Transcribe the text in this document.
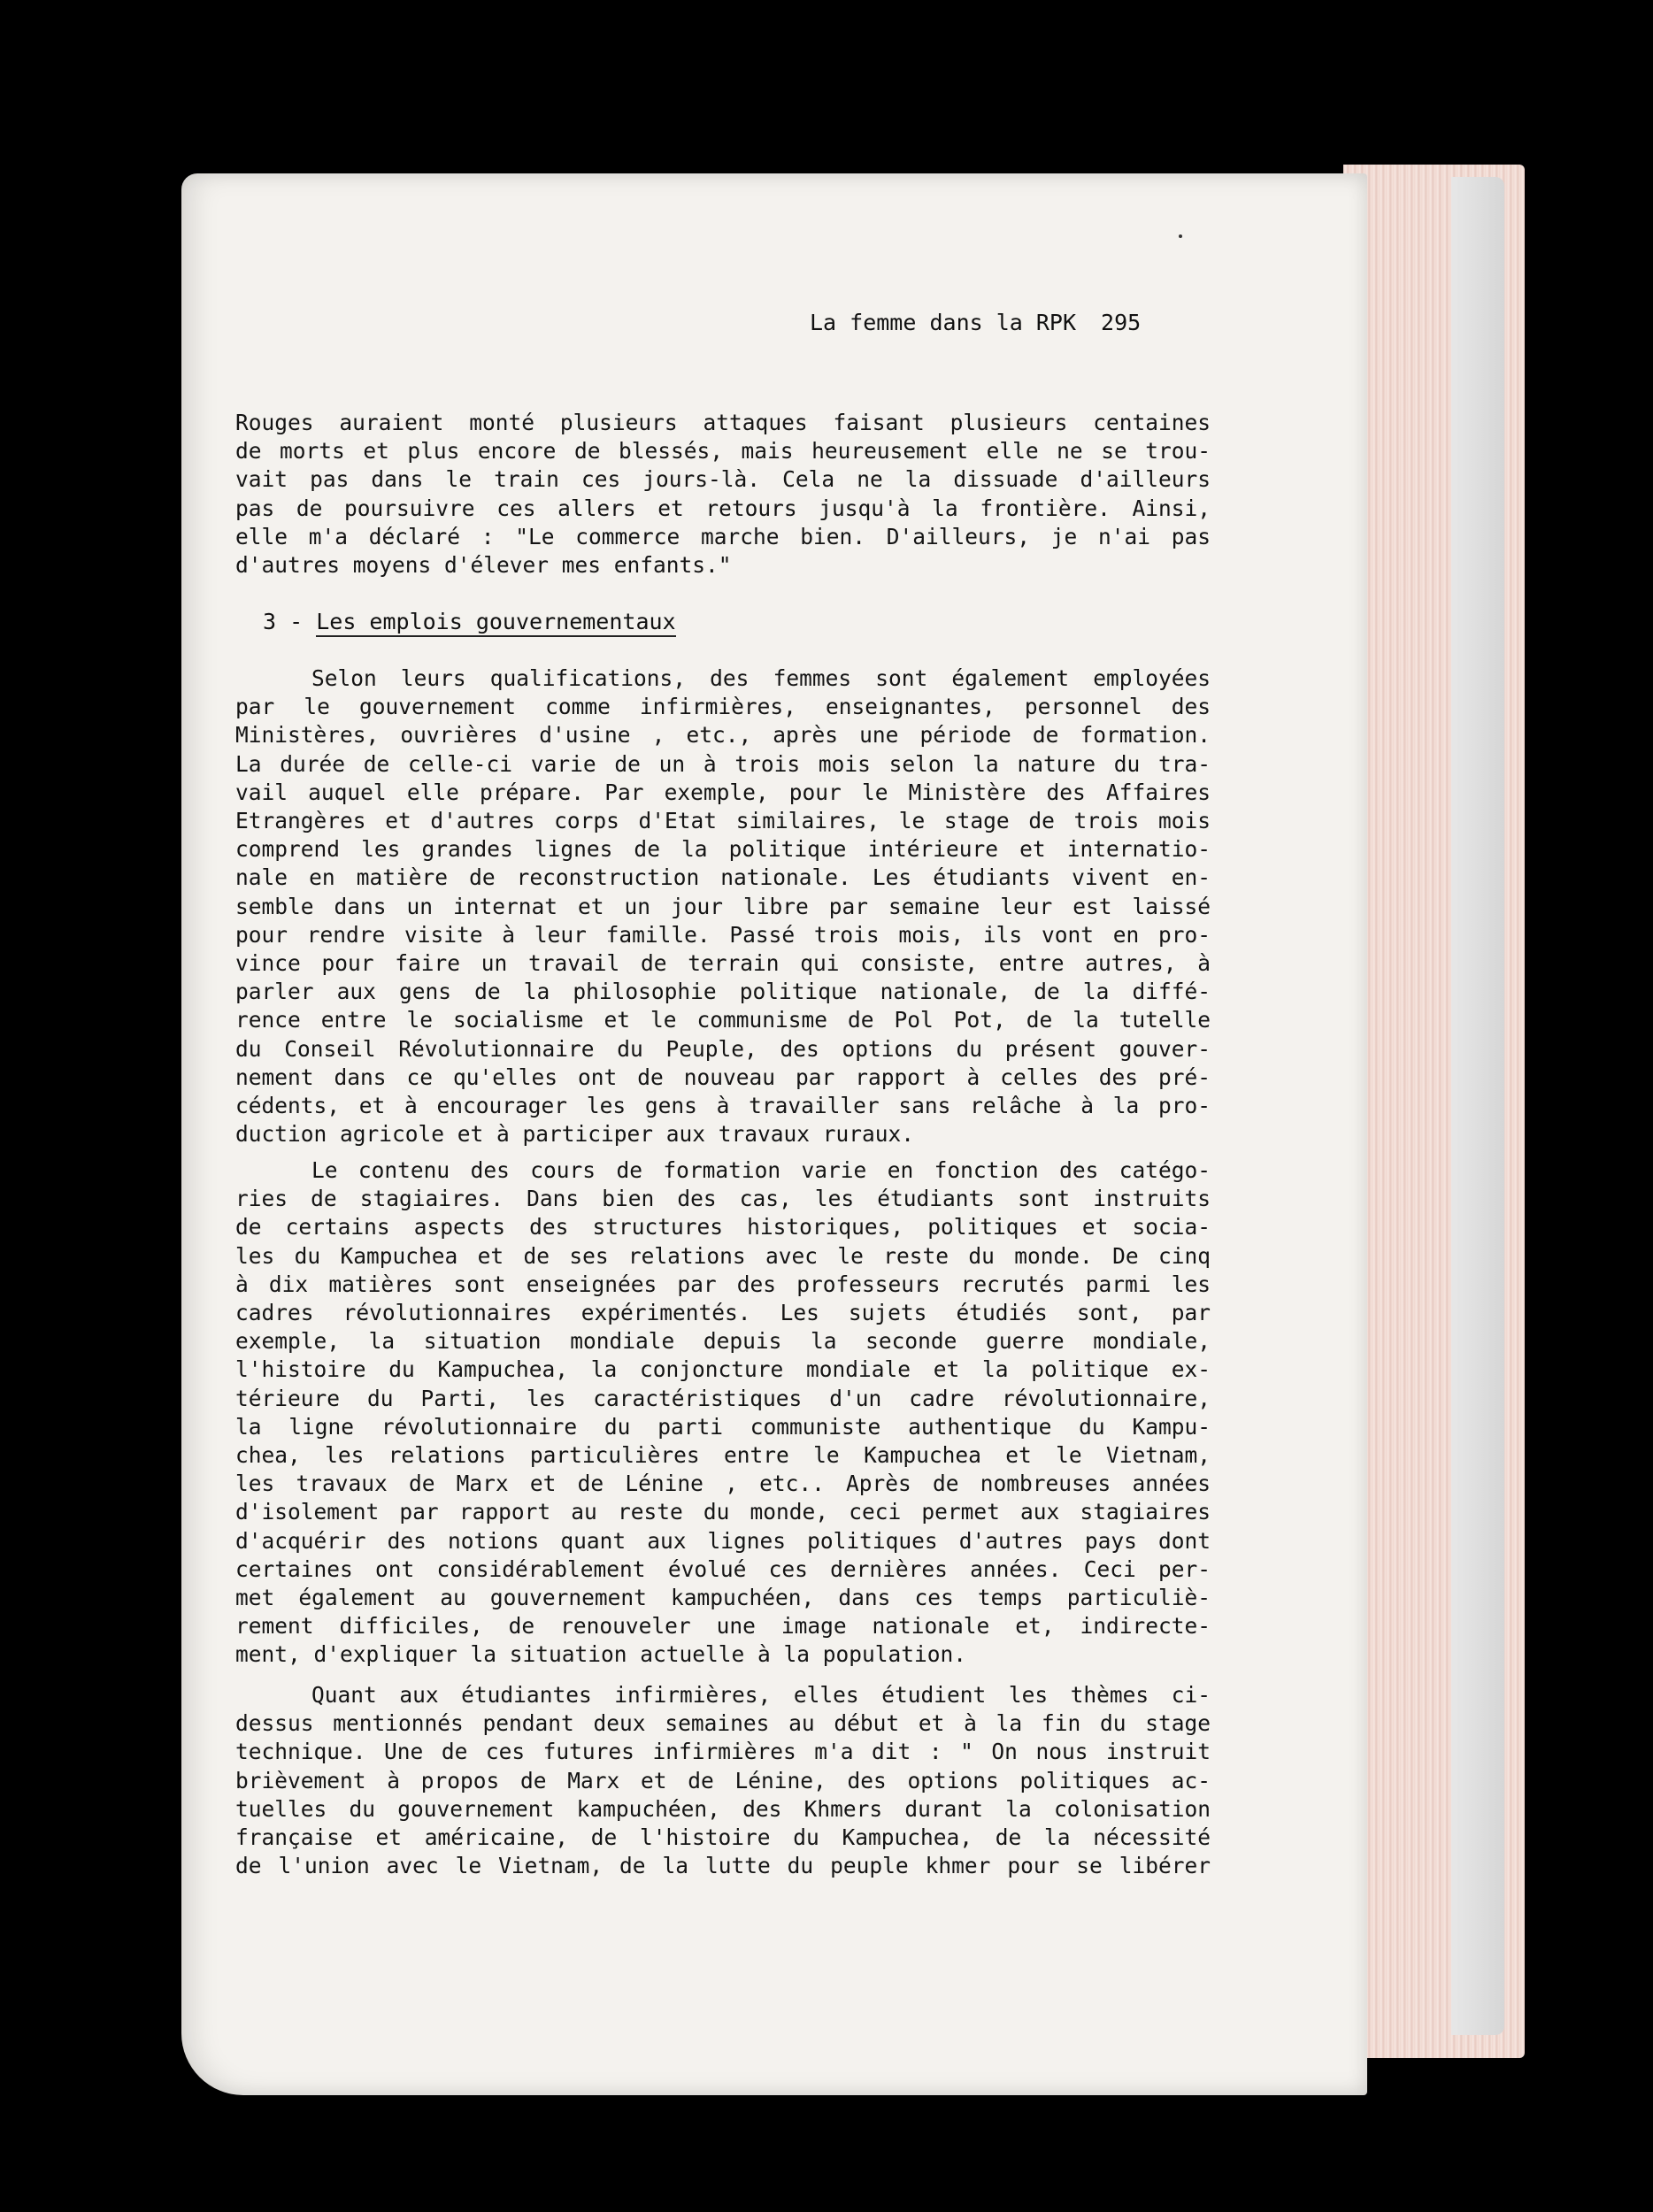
La femme dans la RPK 295
Rouges auraient monté plusieurs attaques faisant plusieurs centaines
de morts et plus encore de blessés, mais heureusement elle ne se trou-
vait pas dans le train ces jours-là. Cela ne la dissuade d'ailleurs
pas de poursuivre ces allers et retours jusqu'à la frontière. Ainsi,
elle m'a déclaré : "Le commerce marche bien. D'ailleurs, je n'ai pas
d'autres moyens d'élever mes enfants."
3 - Les emplois gouvernementaux
Selon leurs qualifications, des femmes sont également employées
par le gouvernement comme infirmières, enseignantes, personnel des
Ministères, ouvrières d'usine , etc., après une période de formation.
La durée de celle-ci varie de un à trois mois selon la nature du tra-
vail auquel elle prépare. Par exemple, pour le Ministère des Affaires
Etrangères et d'autres corps d'Etat similaires, le stage de trois mois
comprend les grandes lignes de la politique intérieure et internatio-
nale en matière de reconstruction nationale. Les étudiants vivent en-
semble dans un internat et un jour libre par semaine leur est laissé
pour rendre visite à leur famille. Passé trois mois, ils vont en pro-
vince pour faire un travail de terrain qui consiste, entre autres, à
parler aux gens de la philosophie politique nationale, de la diffé-
rence entre le socialisme et le communisme de Pol Pot, de la tutelle
du Conseil Révolutionnaire du Peuple, des options du présent gouver-
nement dans ce qu'elles ont de nouveau par rapport à celles des pré-
cédents, et à encourager les gens à travailler sans relâche à la pro-
duction agricole et à participer aux travaux ruraux.
Le contenu des cours de formation varie en fonction des catégo-
ries de stagiaires. Dans bien des cas, les étudiants sont instruits
de certains aspects des structures historiques, politiques et socia-
les du Kampuchea et de ses relations avec le reste du monde. De cinq
à dix matières sont enseignées par des professeurs recrutés parmi les
cadres révolutionnaires expérimentés. Les sujets étudiés sont, par
exemple, la situation mondiale depuis la seconde guerre mondiale,
l'histoire du Kampuchea, la conjoncture mondiale et la politique ex-
térieure du Parti, les caractéristiques d'un cadre révolutionnaire,
la ligne révolutionnaire du parti communiste authentique du Kampu-
chea, les relations particulières entre le Kampuchea et le Vietnam,
les travaux de Marx et de Lénine , etc.. Après de nombreuses années
d'isolement par rapport au reste du monde, ceci permet aux stagiaires
d'acquérir des notions quant aux lignes politiques d'autres pays dont
certaines ont considérablement évolué ces dernières années. Ceci per-
met également au gouvernement kampuchéen, dans ces temps particuliè-
rement difficiles, de renouveler une image nationale et, indirecte-
ment, d'expliquer la situation actuelle à la population.
Quant aux étudiantes infirmières, elles étudient les thèmes ci-
dessus mentionnés pendant deux semaines au début et à la fin du stage
technique. Une de ces futures infirmières m'a dit : " On nous instruit
brièvement à propos de Marx et de Lénine, des options politiques ac-
tuelles du gouvernement kampuchéen, des Khmers durant la colonisation
française et américaine, de l'histoire du Kampuchea, de la nécessité
de l'union avec le Vietnam, de la lutte du peuple khmer pour se libérer
